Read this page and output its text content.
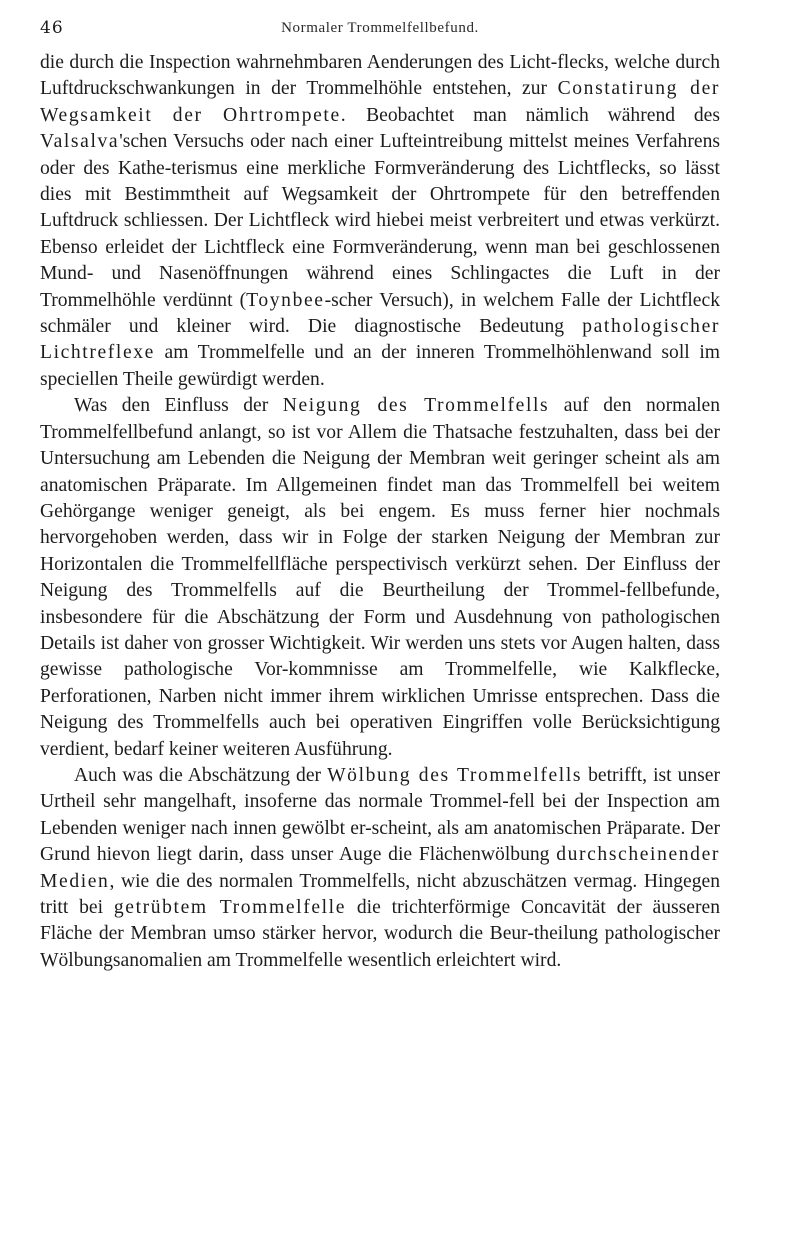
46	Normaler Trommelfellbefund.

die durch die Inspection wahrnehmbaren Aenderungen des Licht-flecks, welche durch Luftdruckschwankungen in der Trommelhöhle entstehen, zur Constatirung der Wegsamkeit der Ohrtrompete. Beobachtet man nämlich während des Valsalva'schen Versuchs oder nach einer Lufteintreibung mittelst meines Verfahrens oder des Kathe-terismus eine merkliche Formveränderung des Lichtflecks, so lässt dies mit Bestimmtheit auf Wegsamkeit der Ohrtrompete für den betreffenden Luftdruck schliessen. Der Lichtfleck wird hiebei meist verbreitert und etwas verkürzt. Ebenso erleidet der Lichtfleck eine Formveränderung, wenn man bei geschlossenen Mund- und Nasenöffnungen während eines Schlingactes die Luft in der Trommelhöhle verdünnt (Toynbee-scher Versuch), in welchem Falle der Lichtfleck schmäler und kleiner wird. Die diagnostische Bedeutung pathologischer Lichtreflexe am Trommelfelle und an der inneren Trommelhöhlenwand soll im speciellen Theile gewürdigt werden.

Was den Einfluss der Neigung des Trommelfells auf den normalen Trommelfellbefund anlangt, so ist vor Allem die Thatsache festzuhalten, dass bei der Untersuchung am Lebenden die Neigung der Membran weit geringer scheint als am anatomischen Präparate. Im Allgemeinen findet man das Trommelfell bei weitem Gehörgange weniger geneigt, als bei engem. Es muss ferner hier nochmals hervorgehoben werden, dass wir in Folge der starken Neigung der Membran zur Horizontalen die Trommelfellfläche perspectivisch verkürzt sehen. Der Einfluss der Neigung des Trommelfells auf die Beurtheilung der Trommel-fellbefunde, insbesondere für die Abschätzung der Form und Ausdehnung von pathologischen Details ist daher von grosser Wichtigkeit. Wir werden uns stets vor Augen halten, dass gewisse pathologische Vor-kommnisse am Trommelfelle, wie Kalkflecke, Perforationen, Narben nicht immer ihrem wirklichen Umrisse entsprechen. Dass die Neigung des Trommelfells auch bei operativen Eingriffen volle Berücksichtigung verdient, bedarf keiner weiteren Ausführung.

Auch was die Abschätzung der Wölbung des Trommelfells betrifft, ist unser Urtheil sehr mangelhaft, insoferne das normale Trommel-fell bei der Inspection am Lebenden weniger nach innen gewölbt er-scheint, als am anatomischen Präparate. Der Grund hievon liegt darin, dass unser Auge die Flächenwölbung durchscheinender Medien, wie die des normalen Trommelfells, nicht abzuschätzen vermag. Hingegen tritt bei getrübtem Trommelfelle die trichterförmige Concavität der äusseren Fläche der Membran umso stärker hervor, wodurch die Beur-theilung pathologischer Wölbungsanomalien am Trommelfelle wesentlich erleichtert wird.
